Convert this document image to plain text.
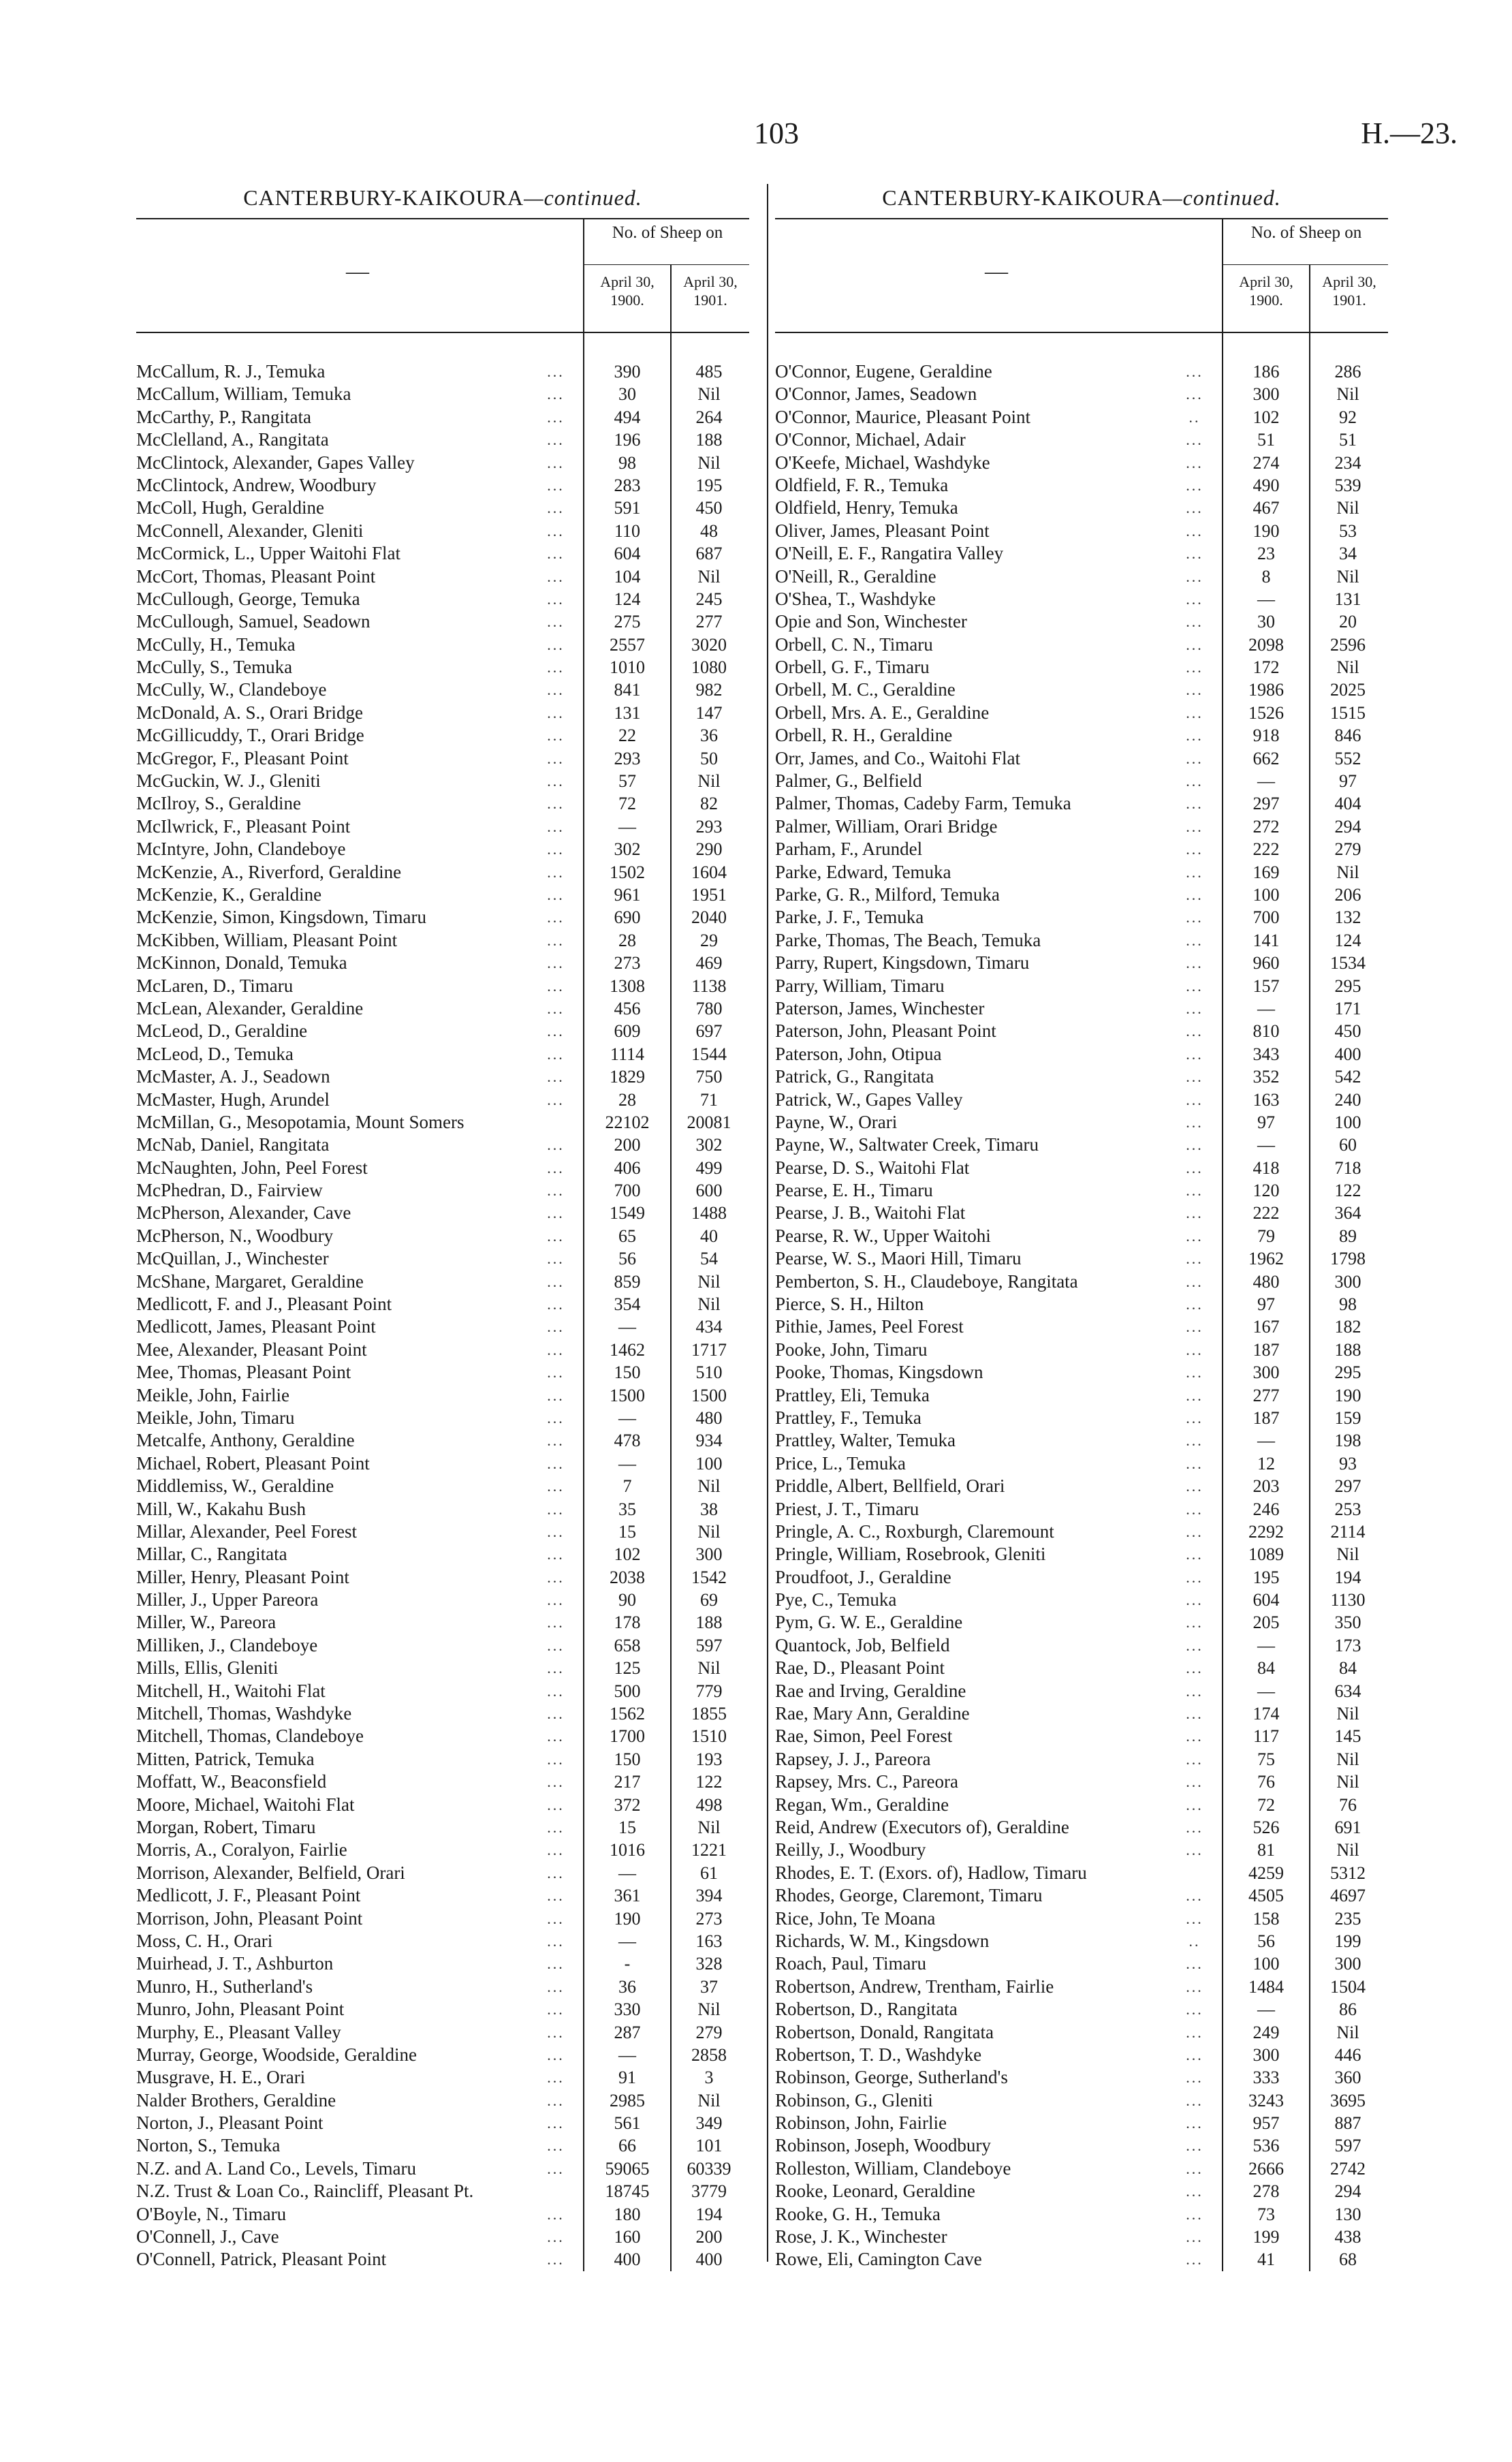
103	H.—23.
CANTERBURY-KAIKOURA—continued.
—
No. of Sheep on
April 30, 1900.
April 30, 1901.
McCallum, R. J., Temuka	...	390	485
McCallum, William, Temuka	...	30	Nil
McCarthy, P., Rangitata	...	494	264
McClelland, A., Rangitata	...	196	188
McClintock, Alexander, Gapes Valley	...	98	Nil
McClintock, Andrew, Woodbury	...	283	195
McColl, Hugh, Geraldine	...	591	450
McConnell, Alexander, Gleniti	...	110	48
McCormick, L., Upper Waitohi Flat	...	604	687
McCort, Thomas, Pleasant Point	...	104	Nil
McCullough, George, Temuka	...	124	245
McCullough, Samuel, Seadown	...	275	277
McCully, H., Temuka	...	2557	3020
McCully, S., Temuka	...	1010	1080
McCully, W., Clandeboye	...	841	982
McDonald, A. S., Orari Bridge	...	131	147
McGillicuddy, T., Orari Bridge	...	22	36
McGregor, F., Pleasant Point	...	293	50
McGuckin, W. J., Gleniti	...	57	Nil
McIlroy, S., Geraldine	...	72	82
McIlwrick, F., Pleasant Point	...	—	293
McIntyre, John, Clandeboye	...	302	290
McKenzie, A., Riverford, Geraldine	...	1502	1604
McKenzie, K., Geraldine	...	961	1951
McKenzie, Simon, Kingsdown, Timaru	...	690	2040
McKibben, William, Pleasant Point	...	28	29
McKinnon, Donald, Temuka	...	273	469
McLaren, D., Timaru	...	1308	1138
McLean, Alexander, Geraldine	...	456	780
McLeod, D., Geraldine	...	609	697
McLeod, D., Temuka	...	1114	1544
McMaster, A. J., Seadown	...	1829	750
McMaster, Hugh, Arundel	...	28	71
McMillan, G., Mesopotamia, Mount Somers	22102	20081
McNab, Daniel, Rangitata	...	200	302
McNaughten, John, Peel Forest	...	406	499
McPhedran, D., Fairview	...	700	600
McPherson, Alexander, Cave	...	1549	1488
McPherson, N., Woodbury	...	65	40
McQuillan, J., Winchester	...	56	54
McShane, Margaret, Geraldine	...	859	Nil
Medlicott, F. and J., Pleasant Point	...	354	Nil
Medlicott, James, Pleasant Point	...	—	434
Mee, Alexander, Pleasant Point	...	1462	1717
Mee, Thomas, Pleasant Point	...	150	510
Meikle, John, Fairlie	...	1500	1500
Meikle, John, Timaru	...	—	480
Metcalfe, Anthony, Geraldine	...	478	934
Michael, Robert, Pleasant Point	...	—	100
Middlemiss, W., Geraldine	...	7	Nil
Mill, W., Kakahu Bush	...	35	38
Millar, Alexander, Peel Forest	...	15	Nil
Millar, C., Rangitata	...	102	300
Miller, Henry, Pleasant Point	...	2038	1542
Miller, J., Upper Pareora	...	90	69
Miller, W., Pareora	...	178	188
Milliken, J., Clandeboye	...	658	597
Mills, Ellis, Gleniti	...	125	Nil
Mitchell, H., Waitohi Flat	...	500	779
Mitchell, Thomas, Washdyke	...	1562	1855
Mitchell, Thomas, Clandeboye	...	1700	1510
Mitten, Patrick, Temuka	...	150	193
Moffatt, W., Beaconsfield	...	217	122
Moore, Michael, Waitohi Flat	...	372	498
Morgan, Robert, Timaru	...	15	Nil
Morris, A., Coralyon, Fairlie	...	1016	1221
Morrison, Alexander, Belfield, Orari	...	—	61
Medlicott, J. F., Pleasant Point	...	361	394
Morrison, John, Pleasant Point	...	190	273
Moss, C. H., Orari	...	—	163
Muirhead, J. T., Ashburton	...	-	328
Munro, H., Sutherland's	...	36	37
Munro, John, Pleasant Point	...	330	Nil
Murphy, E., Pleasant Valley	...	287	279
Murray, George, Woodside, Geraldine	...	—	2858
Musgrave, H. E., Orari	...	91	3
Nalder Brothers, Geraldine	...	2985	Nil
Norton, J., Pleasant Point	...	561	349
Norton, S., Temuka	...	66	101
N.Z. and A. Land Co., Levels, Timaru	...	59065	60339
N.Z. Trust & Loan Co., Raincliff, Pleasant Pt.	18745	3779
O'Boyle, N., Timaru	...	180	194
O'Connell, J., Cave	...	160	200
O'Connell, Patrick, Pleasant Point	...	400	400
CANTERBURY-KAIKOURA—continued.
—
No. of Sheep on
April 30, 1900.
April 30, 1901.
O'Connor, Eugene, Geraldine	...	186	286
O'Connor, James, Seadown	...	300	Nil
O'Connor, Maurice, Pleasant Point	..	102	92
O'Connor, Michael, Adair	...	51	51
O'Keefe, Michael, Washdyke	...	274	234
Oldfield, F. R., Temuka	...	490	539
Oldfield, Henry, Temuka	...	467	Nil
Oliver, James, Pleasant Point	...	190	53
O'Neill, E. F., Rangatira Valley	...	23	34
O'Neill, R., Geraldine	...	8	Nil
O'Shea, T., Washdyke	...	—	131
Opie and Son, Winchester	...	30	20
Orbell, C. N., Timaru	...	2098	2596
Orbell, G. F., Timaru	...	172	Nil
Orbell, M. C., Geraldine	...	1986	2025
Orbell, Mrs. A. E., Geraldine	...	1526	1515
Orbell, R. H., Geraldine	...	918	846
Orr, James, and Co., Waitohi Flat	...	662	552
Palmer, G., Belfield	...	—	97
Palmer, Thomas, Cadeby Farm, Temuka	...	297	404
Palmer, William, Orari Bridge	...	272	294
Parham, F., Arundel	...	222	279
Parke, Edward, Temuka	...	169	Nil
Parke, G. R., Milford, Temuka	...	100	206
Parke, J. F., Temuka	...	700	132
Parke, Thomas, The Beach, Temuka	...	141	124
Parry, Rupert, Kingsdown, Timaru	...	960	1534
Parry, William, Timaru	...	157	295
Paterson, James, Winchester	...	—	171
Paterson, John, Pleasant Point	...	810	450
Paterson, John, Otipua	...	343	400
Patrick, G., Rangitata	...	352	542
Patrick, W., Gapes Valley	...	163	240
Payne, W., Orari	...	97	100
Payne, W., Saltwater Creek, Timaru	...	—	60
Pearse, D. S., Waitohi Flat	...	418	718
Pearse, E. H., Timaru	...	120	122
Pearse, J. B., Waitohi Flat	...	222	364
Pearse, R. W., Upper Waitohi	...	79	89
Pearse, W. S., Maori Hill, Timaru	...	1962	1798
Pemberton, S. H., Claudeboye, Rangitata	...	480	300
Pierce, S. H., Hilton	...	97	98
Pithie, James, Peel Forest	...	167	182
Pooke, John, Timaru	...	187	188
Pooke, Thomas, Kingsdown	...	300	295
Prattley, Eli, Temuka	...	277	190
Prattley, F., Temuka	...	187	159
Prattley, Walter, Temuka	...	—	198
Price, L., Temuka	...	12	93
Priddle, Albert, Bellfield, Orari	...	203	297
Priest, J. T., Timaru	...	246	253
Pringle, A. C., Roxburgh, Claremount	...	2292	2114
Pringle, William, Rosebrook, Gleniti	...	1089	Nil
Proudfoot, J., Geraldine	...	195	194
Pye, C., Temuka	...	604	1130
Pym, G. W. E., Geraldine	...	205	350
Quantock, Job, Belfield	...	—	173
Rae, D., Pleasant Point	...	84	84
Rae and Irving, Geraldine	...	—	634
Rae, Mary Ann, Geraldine	...	174	Nil
Rae, Simon, Peel Forest	...	117	145
Rapsey, J. J., Pareora	...	75	Nil
Rapsey, Mrs. C., Pareora	...	76	Nil
Regan, Wm., Geraldine	...	72	76
Reid, Andrew (Executors of), Geraldine	...	526	691
Reilly, J., Woodbury	...	81	Nil
Rhodes, E. T. (Exors. of), Hadlow, Timaru	4259	5312
Rhodes, George, Claremont, Timaru	...	4505	4697
Rice, John, Te Moana	...	158	235
Richards, W. M., Kingsdown	..	56	199
Roach, Paul, Timaru	...	100	300
Robertson, Andrew, Trentham, Fairlie	...	1484	1504
Robertson, D., Rangitata	...	—	86
Robertson, Donald, Rangitata	...	249	Nil
Robertson, T. D., Washdyke	...	300	446
Robinson, George, Sutherland's	...	333	360
Robinson, G., Gleniti	...	3243	3695
Robinson, John, Fairlie	...	957	887
Robinson, Joseph, Woodbury	...	536	597
Rolleston, William, Clandeboye	...	2666	2742
Rooke, Leonard, Geraldine	...	278	294
Rooke, G. H., Temuka	...	73	130
Rose, J. K., Winchester	...	199	438
Rowe, Eli, Camington Cave	...	41	68
